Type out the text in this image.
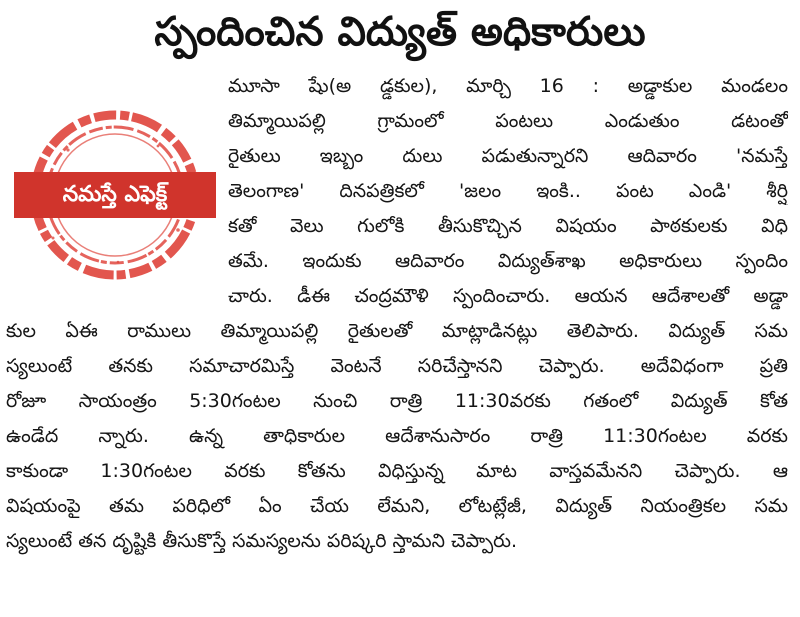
స్పందించిన విద్యుత్ అధికారులు
నమస్తే ఎఫెక్ట్
మూసా షేు(అ డ్డకుల), మార్చి 16 : అడ్డాకుల మండలం
తిమ్మాయిపల్లి గ్రామంలో పంటలు ఎండుతుం డటంతో
రైతులు ఇబ్బం దులు పడుతున్నారని ఆదివారం 'నమస్తే
తెలంగాణ' దినపత్రికలో 'జలం ఇంకి.. పంట ఎండి' శీర్షి
కతో వెలు గులోకి తీసుకొచ్చిన విషయం పాఠకులకు విధి
తమే. ఇందుకు ఆదివారం విద్యుత్‌శాఖ అధికారులు స్పందిం
చారు. డీఈ చంద్రమౌళి స్పందించారు. ఆయన ఆదేశాలతో అడ్డా
కుల ఏఈ రాములు తిమ్మాయిపల్లి రైతులతో మాట్లాడినట్లు తెలిపారు. విద్యుత్ సమ
స్యలుంటే తనకు సమాచారమిస్తే వెంటనే సరిచేస్తానని చెప్పారు. అదేవిధంగా ప్రతి
రోజూ సాయంత్రం 5:30గంటల నుంచి రాత్రి 11:30వరకు గతంలో విద్యుత్ కోత
ఉండేద న్నారు. ఉన్న తాధికారుల ఆదేశానుసారం రాత్రి 11:30గంటల వరకు
కాకుండా 1:30గంటల వరకు కోతను విధిస్తున్న మాట వాస్తవమేనని చెప్పారు. ఆ
విషయంపై తమ పరిధిలో ఏం చేయ లేమని, లోటట్లేజీ, విద్యుత్ నియంత్రికల సమ
స్యలుంటే తన దృష్టికి తీసుకొస్తే సమస్యలను పరిష్కరి స్తామని చెప్పారు.
